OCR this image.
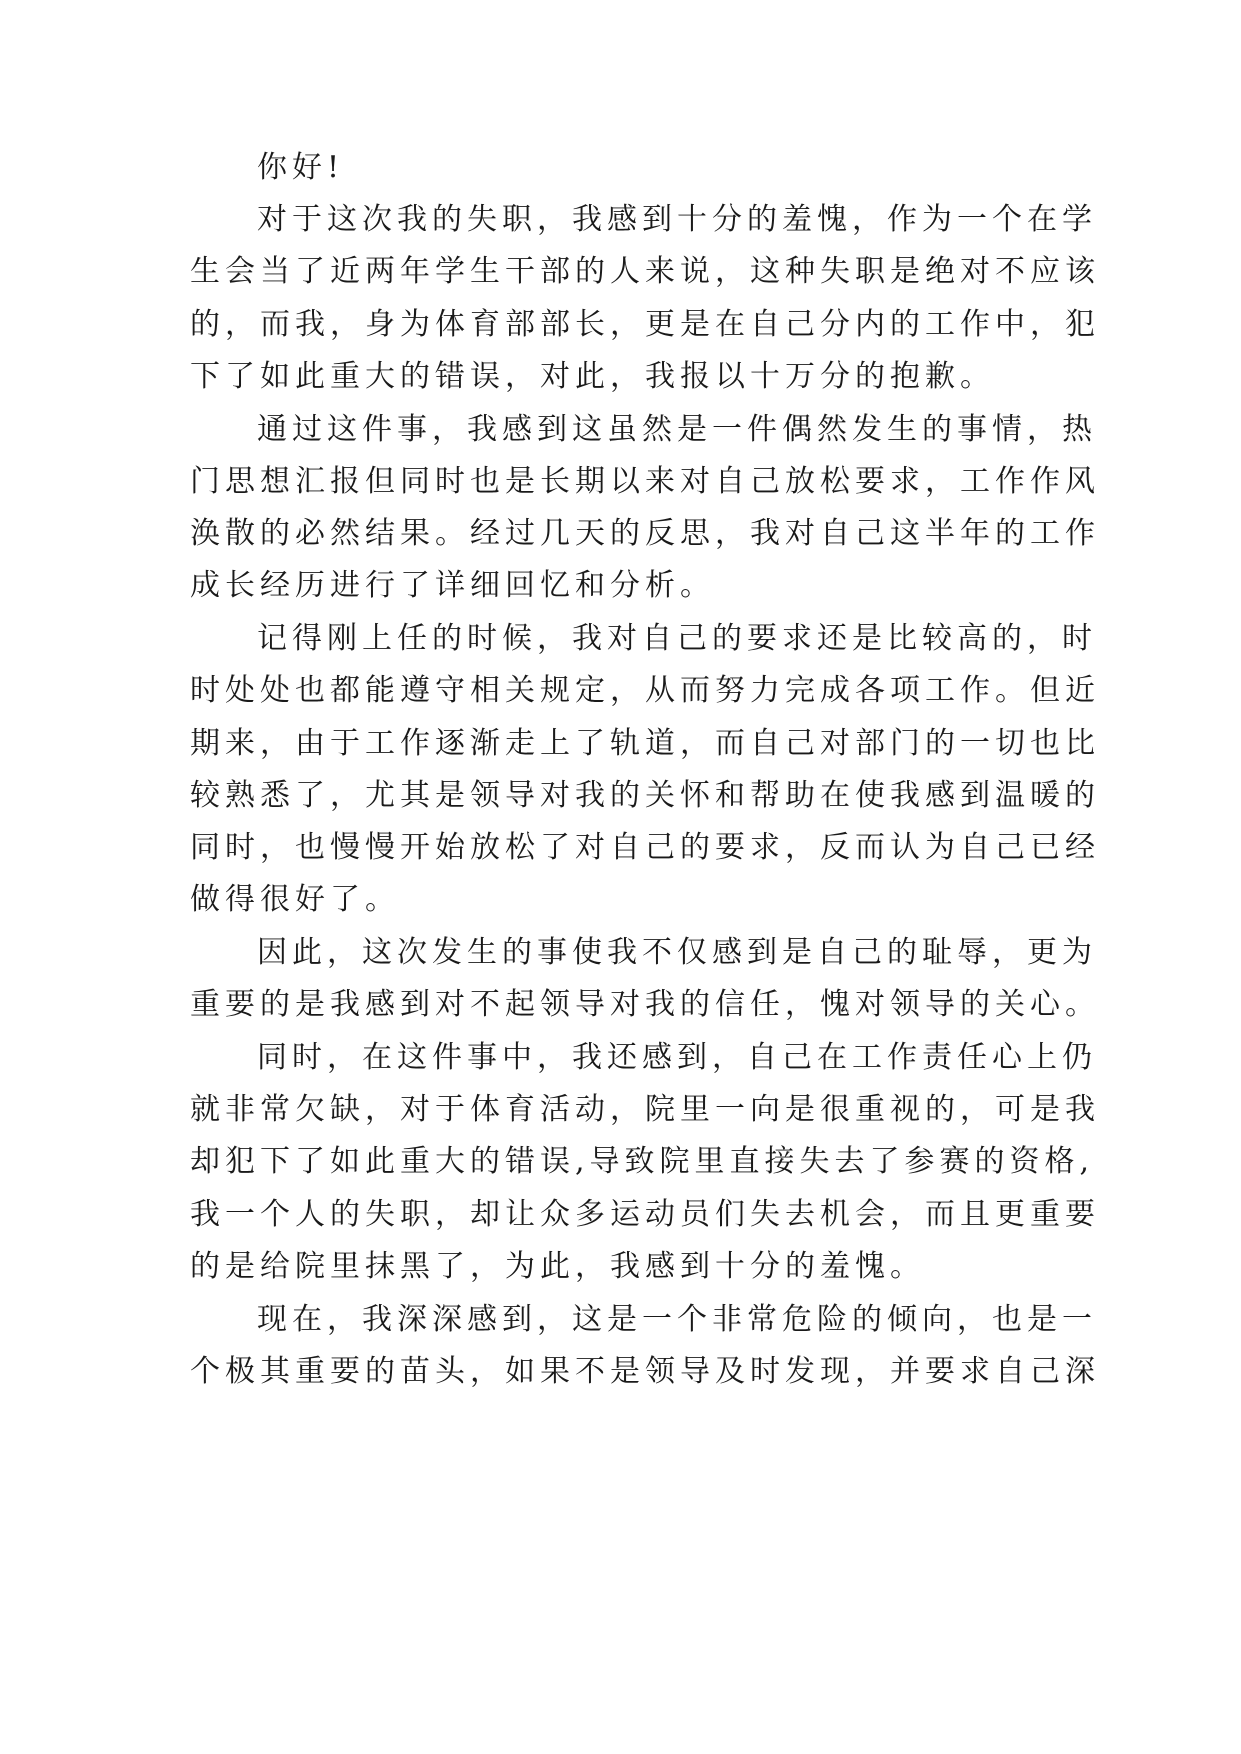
你好!
对于这次我的失职，我感到十分的羞愧，作为一个在学
生会当了近两年学生干部的人来说，这种失职是绝对不应该
的，而我，身为体育部部长，更是在自己分内的工作中，犯
下了如此重大的错误，对此，我报以十万分的抱歉。
通过这件事，我感到这虽然是一件偶然发生的事情，热
门思想汇报但同时也是长期以来对自己放松要求，工作作风
涣散的必然结果。经过几天的反思，我对自己这半年的工作
成长经历进行了详细回忆和分析。
记得刚上任的时候，我对自己的要求还是比较高的，时
时处处也都能遵守相关规定，从而努力完成各项工作。但近
期来，由于工作逐渐走上了轨道，而自己对部门的一切也比
较熟悉了，尤其是领导对我的关怀和帮助在使我感到温暖的
同时，也慢慢开始放松了对自己的要求，反而认为自己已经
做得很好了。
因此，这次发生的事使我不仅感到是自己的耻辱，更为
重要的是我感到对不起领导对我的信任，愧对领导的关心。
同时，在这件事中，我还感到，自己在工作责任心上仍
就非常欠缺，对于体育活动，院里一向是很重视的，可是我
却犯下了如此重大的错误,导致院里直接失去了参赛的资格,
我一个人的失职，却让众多运动员们失去机会，而且更重要
的是给院里抹黑了，为此，我感到十分的羞愧。
现在，我深深感到，这是一个非常危险的倾向，也是一
个极其重要的苗头，如果不是领导及时发现，并要求自己深
